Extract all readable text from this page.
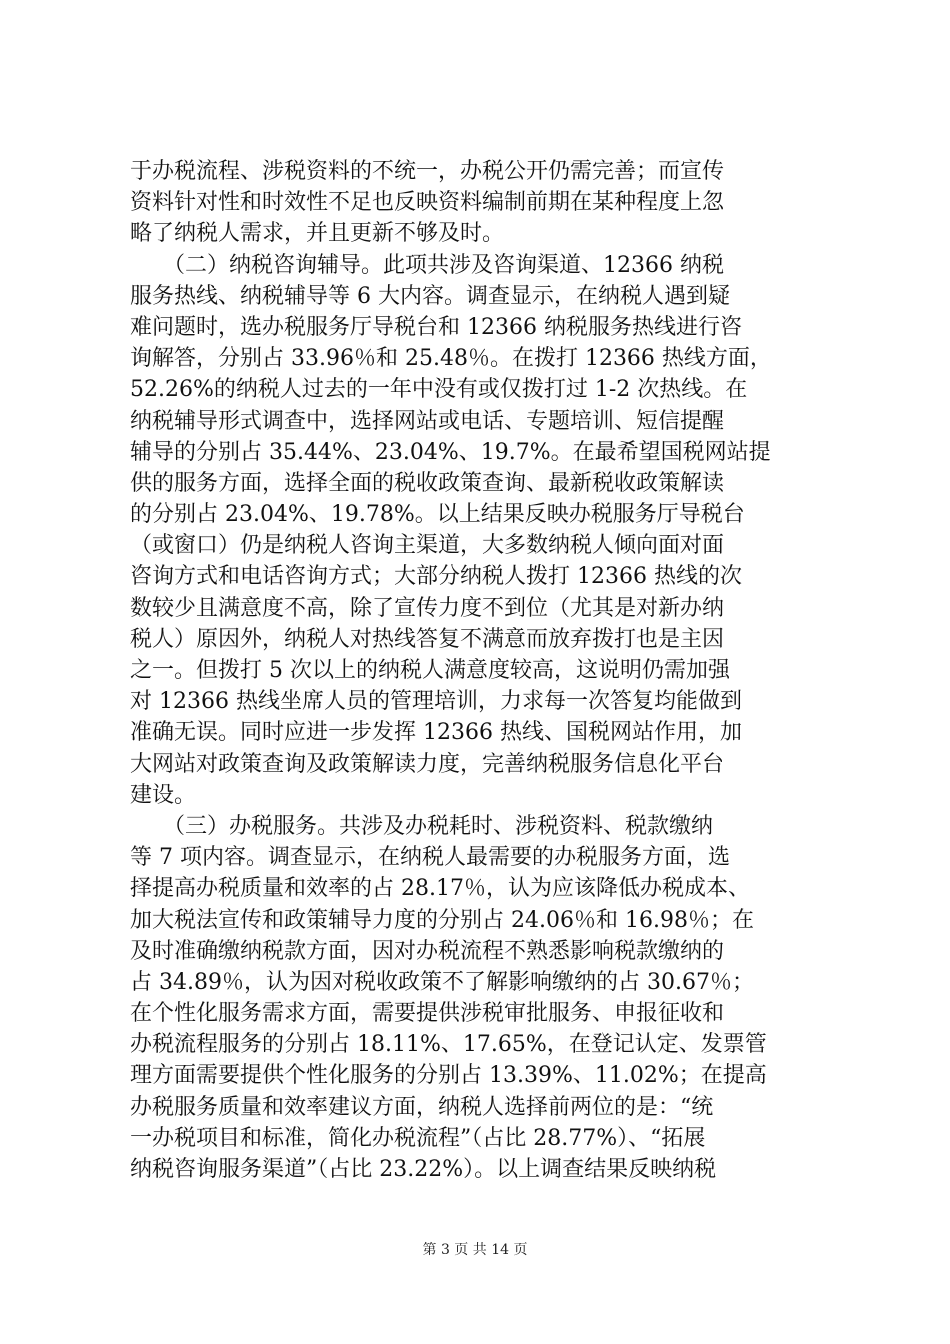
于办税流程、涉税资料的不统一，办税公开仍需完善；而宣传
资料针对性和时效性不足也反映资料编制前期在某种程度上忽
略了纳税人需求，并且更新不够及时。
　　（二）纳税咨询辅导。此项共涉及咨询渠道、12366 纳税
服务热线、纳税辅导等 6 大内容。调查显示，在纳税人遇到疑
难问题时，选办税服务厅导税台和 12366 纳税服务热线进行咨
询解答，分别占 33.96％和 25.48％。在拨打 12366 热线方面，
52.26%的纳税人过去的一年中没有或仅拨打过 1-2 次热线。在
纳税辅导形式调查中，选择网站或电话、专题培训、短信提醒
辅导的分别占 35.44%、23.04%、19.7%。在最希望国税网站提
供的服务方面，选择全面的税收政策查询、最新税收政策解读
的分别占 23.04%、19.78%。以上结果反映办税服务厅导税台
（或窗口）仍是纳税人咨询主渠道，大多数纳税人倾向面对面
咨询方式和电话咨询方式；大部分纳税人拨打 12366 热线的次
数较少且满意度不高，除了宣传力度不到位（尤其是对新办纳
税人）原因外，纳税人对热线答复不满意而放弃拨打也是主因
之一。但拨打 5 次以上的纳税人满意度较高，这说明仍需加强
对 12366 热线坐席人员的管理培训，力求每一次答复均能做到
准确无误。同时应进一步发挥 12366 热线、国税网站作用，加
大网站对政策查询及政策解读力度，完善纳税服务信息化平台
建设。
　　（三）办税服务。共涉及办税耗时、涉税资料、税款缴纳
等 7 项内容。调查显示，在纳税人最需要的办税服务方面，选
择提高办税质量和效率的占 28.17％，认为应该降低办税成本、
加大税法宣传和政策辅导力度的分别占 24.06％和 16.98％；在
及时准确缴纳税款方面，因对办税流程不熟悉影响税款缴纳的
占 34.89％，认为因对税收政策不了解影响缴纳的占 30.67％；
在个性化服务需求方面，需要提供涉税审批服务、申报征收和
办税流程服务的分别占 18.11%、17.65%，在登记认定、发票管
理方面需要提供个性化服务的分别占 13.39%、11.02%；在提高
办税服务质量和效率建议方面，纳税人选择前两位的是：“统
一办税项目和标准，简化办税流程”（占比 28.77%）、“拓展
纳税咨询服务渠道”（占比 23.22%）。以上调查结果反映纳税
第 3 页 共 14 页
